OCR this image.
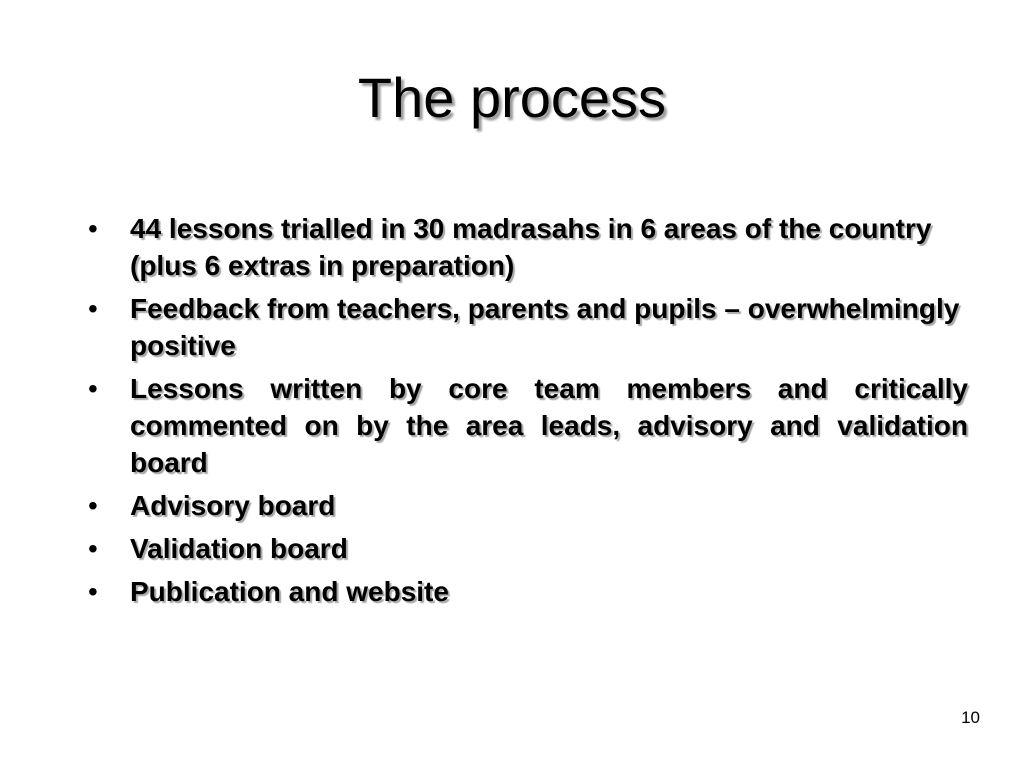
The process
• 44 lessons trialled in 30 madrasahs in 6 areas of the country (plus 6 extras in preparation)
• Feedback from teachers, parents and pupils – overwhelmingly positive
• Lessons written by core team members and critically commented on by the area leads, advisory and validation board
• Advisory board
• Validation board
• Publication and website
10
